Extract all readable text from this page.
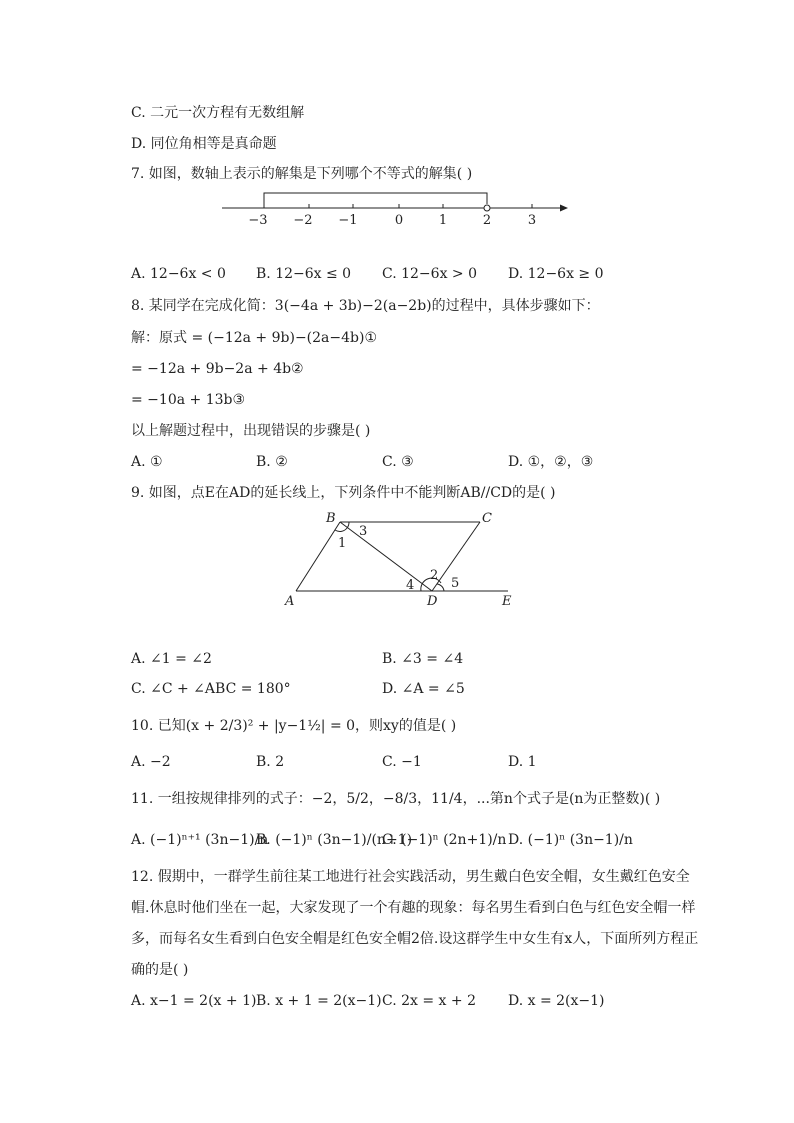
C. 二元一次方程有无数组解
D. 同位角相等是真命题
7. 如图，数轴上表示的解集是下列哪个不等式的解集( )
−3 −2 −1	0	1	2	3
A. 12−6x < 0 B. 12−6x ≤ 0 C. 12−6x > 0 D. 12−6x ≥ 0
8. 某同学在完成化简：3(−4a + 3b)−2(a−2b)的过程中，具体步骤如下：
解：原式 = (−12a + 9b)−(2a−4b)①
= −12a + 9b−2a + 4b②
= −10a + 13b③
以上解题过程中，出现错误的步骤是( )
A. ①	B. ②	C. ③	D. ①，②，③
9. 如图，点E在AD的延长线上，下列条件中不能判断AB//CD的是( )
B	C
A	D	E
1
3
4
2
5
A. ∠1 = ∠2	B. ∠3 = ∠4
C. ∠C + ∠ABC = 180°	D. ∠A = ∠5
10. 已知(x + 2/3)² + |y−1½| = 0，则xy的值是( )
A. −2	B. 2	C. −1	D. 1
11. 一组按规律排列的式子：−2，5/2，−8/3，11/4，...第n个式子是(n为正整数)( )
A. (−1)ⁿ⁺¹ (3n−1)/n
B. (−1)ⁿ (3n−1)/(n+1)
C. (−1)ⁿ (2n+1)/n D. (−1)ⁿ (3n−1)/n
12. 假期中，一群学生前往某工地进行社会实践活动，男生戴白色安全帽，女生戴红色安全
帽.休息时他们坐在一起，大家发现了一个有趣的现象：每名男生看到白色与红色安全帽一样
多，而每名女生看到白色安全帽是红色安全帽2倍.设这群学生中女生有x人，下面所列方程正
确的是( )
A. x−1 = 2(x + 1) B. x + 1 = 2(x−1) C. 2x = x + 2 D. x = 2(x−1)
